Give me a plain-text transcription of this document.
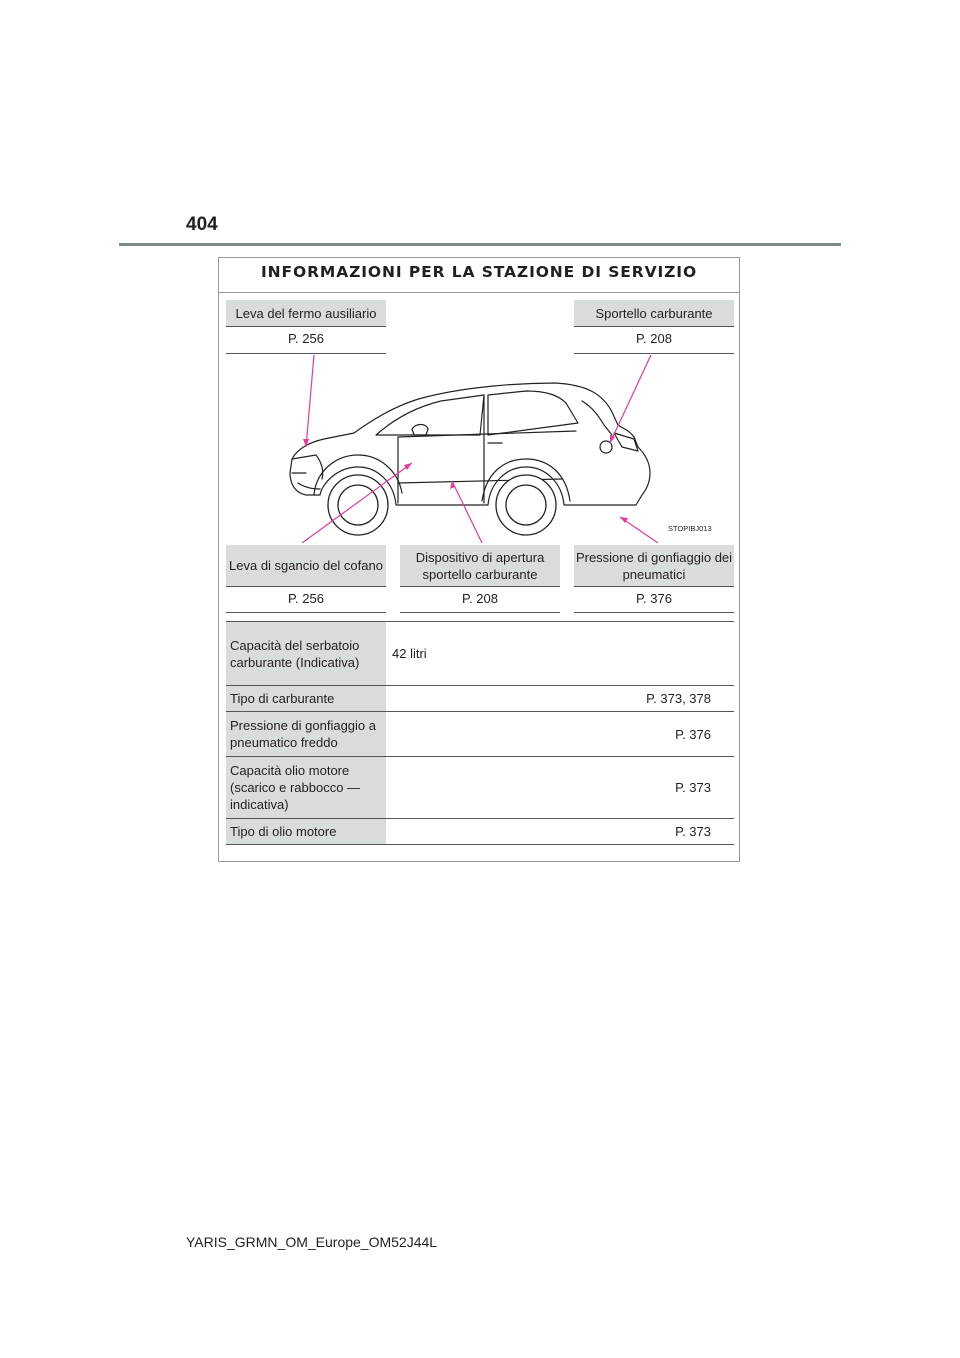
404
INFORMAZIONI PER LA STAZIONE DI SERVIZIO
Leva del fermo ausiliario
P. 256
Sportello carburante
P. 208
STOPIBJ013
Leva di sgancio del cofano
P. 256
Dispositivo di apertura sportello carburante
P. 208
Pressione di gonfiaggio dei pneumatici
P. 376
Capacità del serbatoio carburante (Indicativa)
42 litri
Tipo di carburante	P. 373, 378
Pressione di gonfiaggio a pneumatico freddo
P. 376
Capacità olio motore (scarico e rabbocco — indicativa)
P. 373
Tipo di olio motore	P. 373
YARIS_GRMN_OM_Europe_OM52J44L
